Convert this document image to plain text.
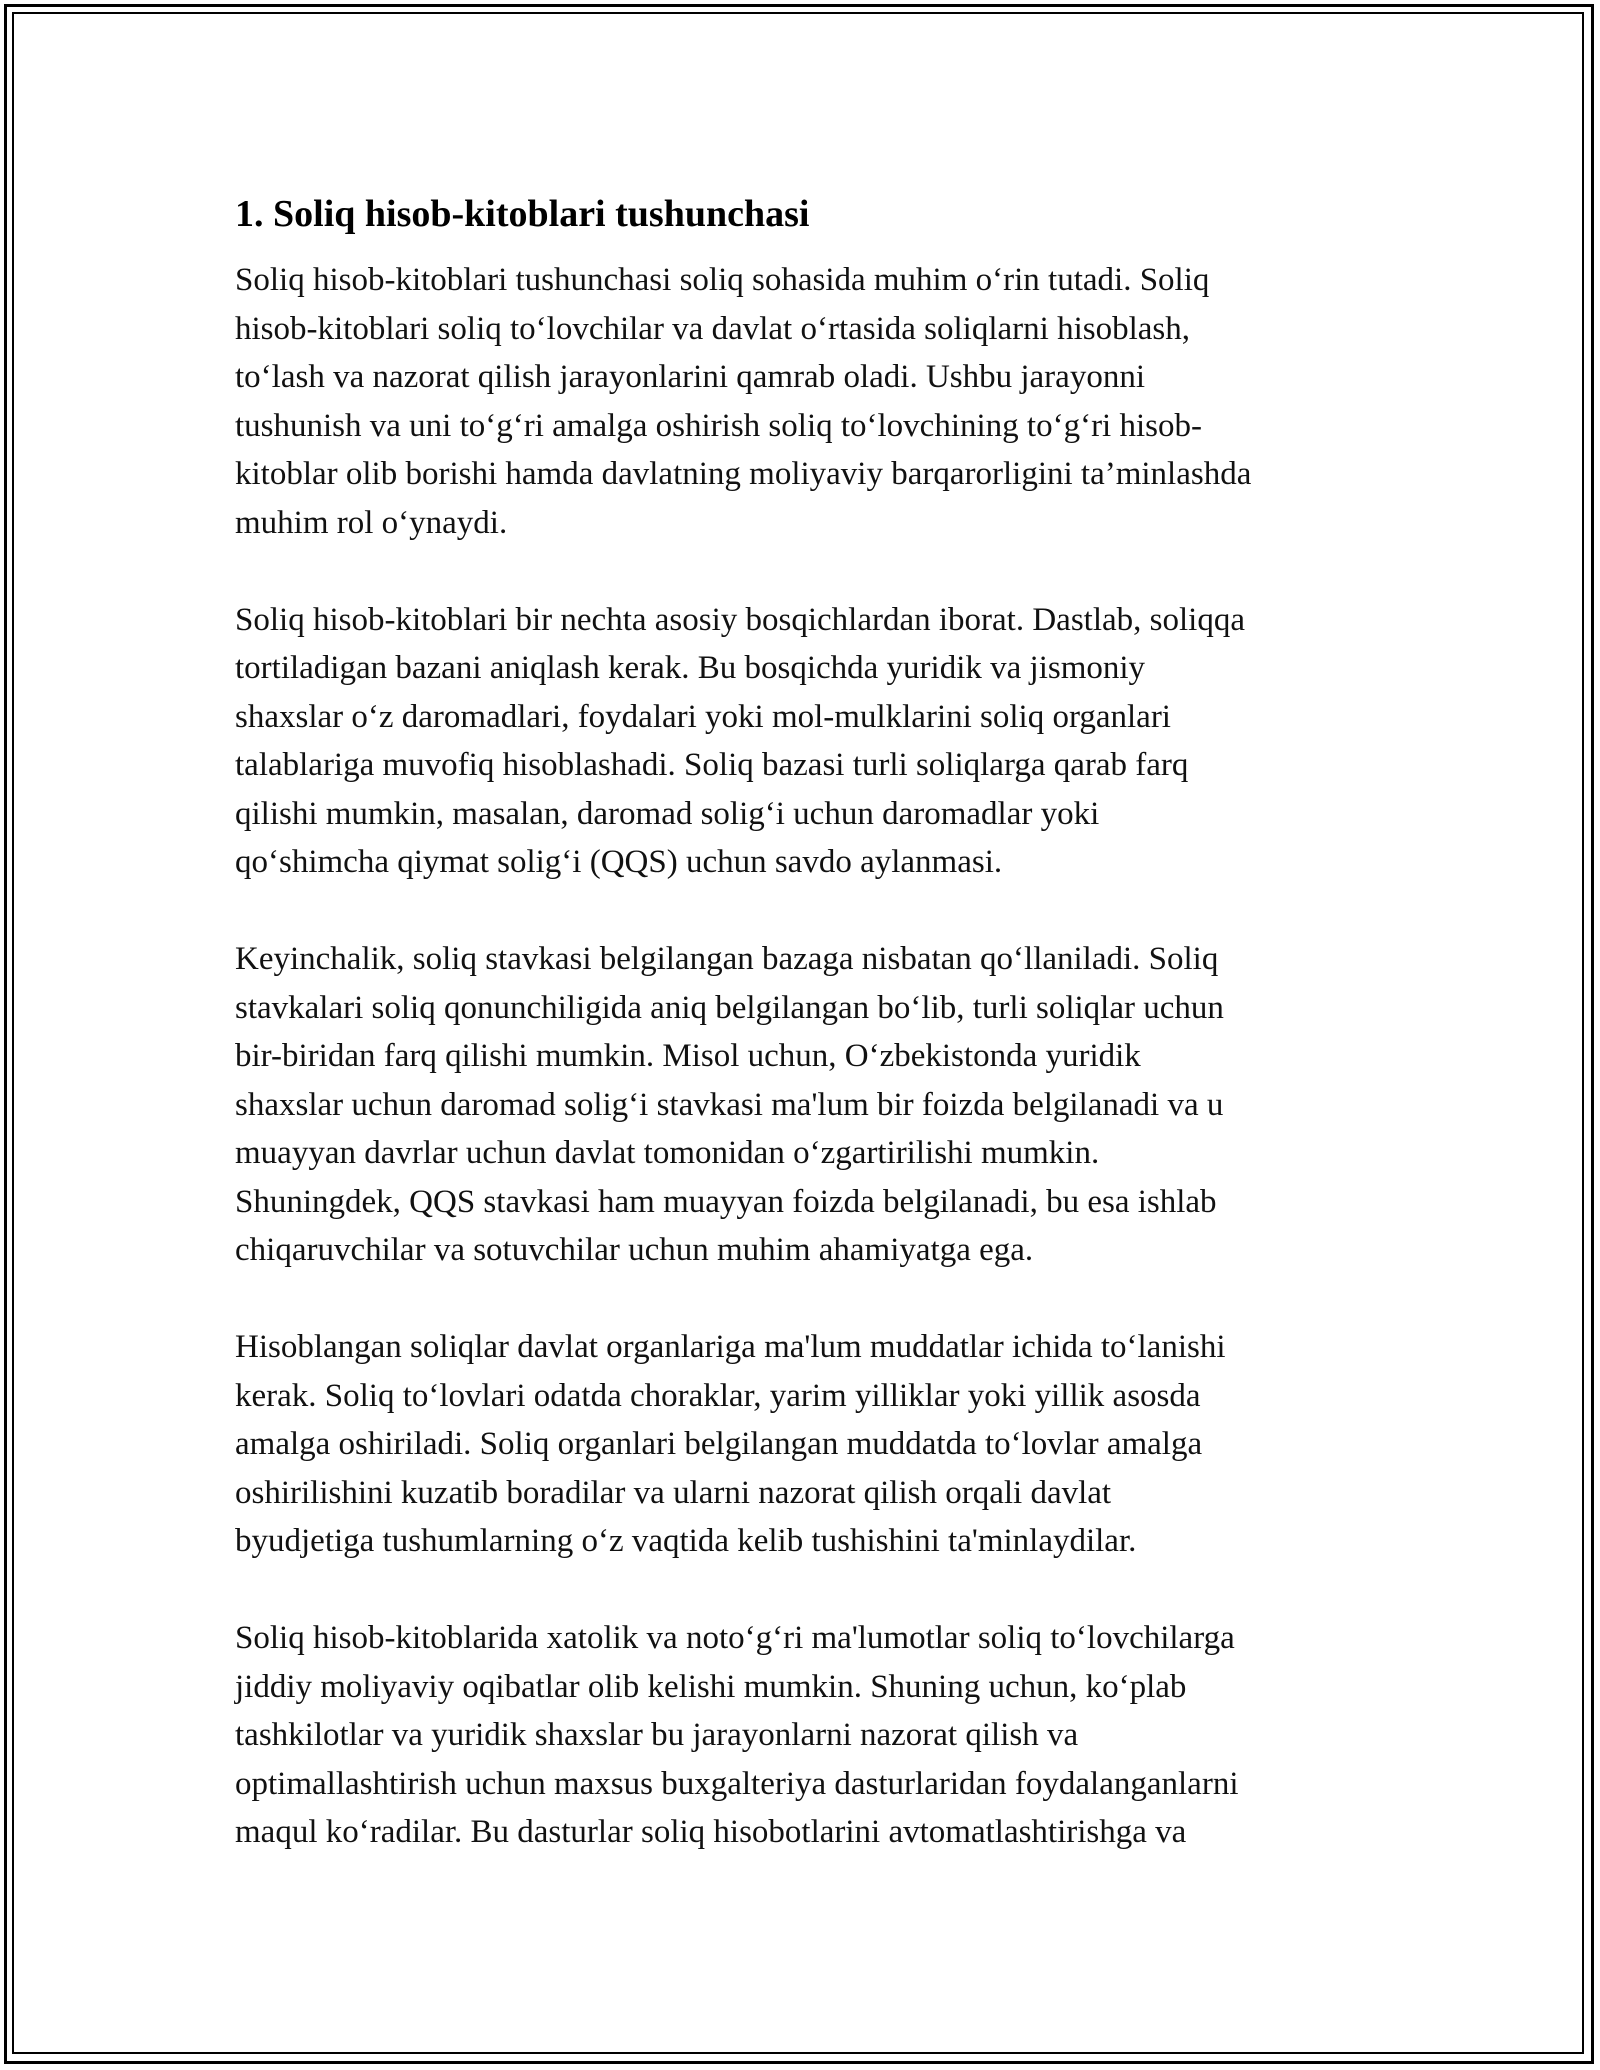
1. Soliq hisob-kitoblari tushunchasi

Soliq hisob-kitoblari tushunchasi soliq sohasida muhim o‘rin tutadi. Soliq
hisob-kitoblari soliq to‘lovchilar va davlat o‘rtasida soliqlarni hisoblash,
to‘lash va nazorat qilish jarayonlarini qamrab oladi. Ushbu jarayonni
tushunish va uni to‘g‘ri amalga oshirish soliq to‘lovchining to‘g‘ri hisob-
kitoblar olib borishi hamda davlatning moliyaviy barqarorligini ta’minlashda
muhim rol o‘ynaydi.

Soliq hisob-kitoblari bir nechta asosiy bosqichlardan iborat. Dastlab, soliqqa
tortiladigan bazani aniqlash kerak. Bu bosqichda yuridik va jismoniy
shaxslar o‘z daromadlari, foydalari yoki mol-mulklarini soliq organlari
talablariga muvofiq hisoblashadi. Soliq bazasi turli soliqlarga qarab farq
qilishi mumkin, masalan, daromad solig‘i uchun daromadlar yoki
qo‘shimcha qiymat solig‘i (QQS) uchun savdo aylanmasi.

Keyinchalik, soliq stavkasi belgilangan bazaga nisbatan qo‘llaniladi. Soliq
stavkalari soliq qonunchiligida aniq belgilangan bo‘lib, turli soliqlar uchun
bir-biridan farq qilishi mumkin. Misol uchun, O‘zbekistonda yuridik
shaxslar uchun daromad solig‘i stavkasi ma'lum bir foizda belgilanadi va u
muayyan davrlar uchun davlat tomonidan o‘zgartirilishi mumkin.
Shuningdek, QQS stavkasi ham muayyan foizda belgilanadi, bu esa ishlab
chiqaruvchilar va sotuvchilar uchun muhim ahamiyatga ega.

Hisoblangan soliqlar davlat organlariga ma'lum muddatlar ichida to‘lanishi
kerak. Soliq to‘lovlari odatda choraklar, yarim yilliklar yoki yillik asosda
amalga oshiriladi. Soliq organlari belgilangan muddatda to‘lovlar amalga
oshirilishini kuzatib boradilar va ularni nazorat qilish orqali davlat
byudjetiga tushumlarning o‘z vaqtida kelib tushishini ta'minlaydilar.

Soliq hisob-kitoblarida xatolik va noto‘g‘ri ma'lumotlar soliq to‘lovchilarga
jiddiy moliyaviy oqibatlar olib kelishi mumkin. Shuning uchun, ko‘plab
tashkilotlar va yuridik shaxslar bu jarayonlarni nazorat qilish va
optimallashtirish uchun maxsus buxgalteriya dasturlaridan foydalanganlarni
maqul ko‘radilar. Bu dasturlar soliq hisobotlarini avtomatlashtirishga va
